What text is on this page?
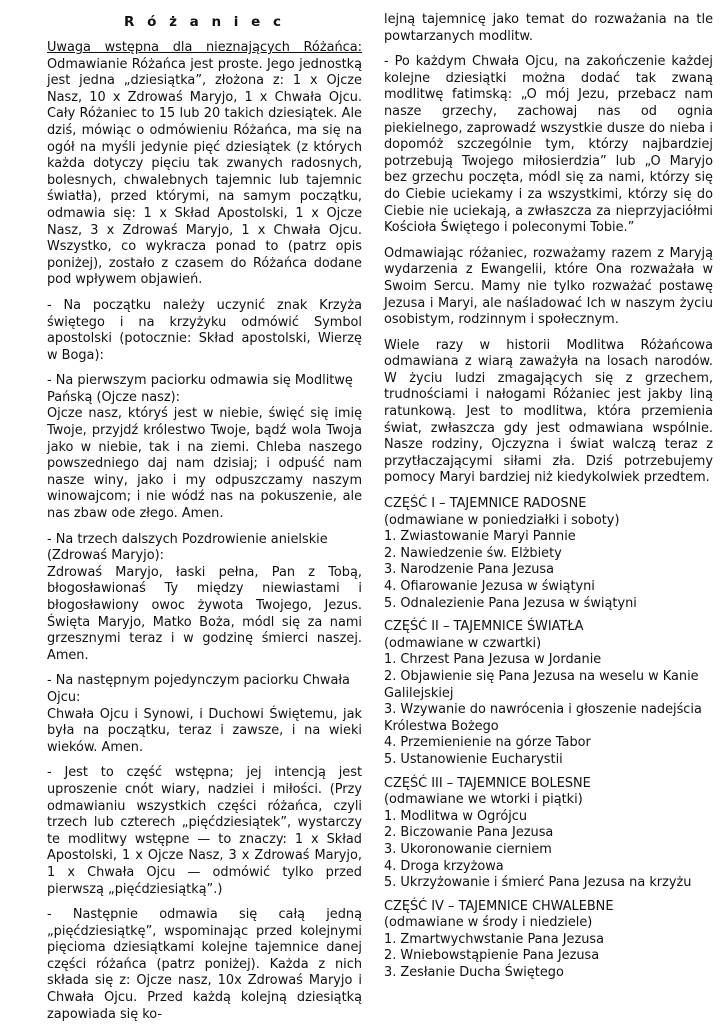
R ó ż a n i e c

Uwaga wstępna dla nieznających Różańca: Odmawianie Różańca jest proste. Jego jednostką jest jedna „dziesiątka”, złożona z: 1 x Ojcze Nasz, 10 x Zdrowaś Maryjo, 1 x Chwała Ojcu. Cały Różaniec to 15 lub 20 takich dziesiątek. Ale dziś, mówiąc o odmówieniu Różańca, ma się na ogół na myśli jedynie pięć dziesiątek (z których każda dotyczy pięciu tak zwanych radosnych, bolesnych, chwalebnych tajemnic lub tajemnic światła), przed którymi, na samym początku, odmawia się: 1 x Skład Apostolski, 1 x Ojcze Nasz, 3 x Zdrowaś Maryjo, 1 x Chwała Ojcu. Wszystko, co wykracza ponad to (patrz opis poniżej), zostało z czasem do Różańca dodane pod wpływem objawień.

- Na początku należy uczynić znak Krzyża świętego i na krzyżyku odmówić Symbol apostolski (potocznie: Skład apostolski, Wierzę w Boga):

- Na pierwszym paciorku odmawia się Modlitwę Pańską (Ojcze nasz):
Ojcze nasz, któryś jest w niebie, święć się imię Twoje, przyjdź królestwo Twoje, bądź wola Twoja jako w niebie, tak i na ziemi. Chleba naszego powszedniego daj nam dzisiaj; i odpuść nam nasze winy, jako i my odpuszczamy naszym winowajcom; i nie wódź nas na pokuszenie, ale nas zbaw ode złego. Amen.

- Na trzech dalszych Pozdrowienie anielskie (Zdrowaś Maryjo):
Zdrowaś Maryjo, łaski pełna, Pan z Tobą, błogosławionaś Ty między niewiastami i błogosławiony owoc żywota Twojego, Jezus. Święta Maryjo, Matko Boża, módl się za nami grzesznymi teraz i w godzinę śmierci naszej. Amen.

- Na następnym pojedynczym paciorku Chwała Ojcu:
Chwała Ojcu i Synowi, i Duchowi Świętemu, jak była na początku, teraz i zawsze, i na wieki wieków. Amen.

- Jest to część wstępna; jej intencją jest uproszenie cnót wiary, nadziei i miłości. (Przy odmawianiu wszystkich części różańca, czyli trzech lub czterech „pięćdziesiątek”, wystarczy te modlitwy wstępne — to znaczy: 1 x Skład Apostolski, 1 x Ojcze Nasz, 3 x Zdrowaś Maryjo, 1 x Chwała Ojcu — odmówić tylko przed pierwszą „pięćdziesiątką”.)

- Następnie odmawia się całą jedną „pięćdziesiątkę”, wspominając przed kolejnymi pięcioma dziesiątkami kolejne tajemnice danej części różańca (patrz poniżej). Każda z nich składa się z: Ojcze nasz, 10x Zdrowaś Maryjo i Chwała Ojcu. Przed każdą kolejną dziesiątką zapowiada się ko-

lejną tajemnicę jako temat do rozważania na tle powtarzanych modlitw.

- Po każdym Chwała Ojcu, na zakończenie każdej kolejne dziesiątki można dodać tak zwaną modlitwę fatimską: „O mój Jezu, przebacz nam nasze grzechy, zachowaj nas od ognia piekielnego, zaprowadź wszystkie dusze do nieba i dopomóż szczególnie tym, którzy najbardziej potrzebują Twojego miłosierdzia” lub „O Maryjo bez grzechu poczęta, módl się za nami, którzy się do Ciebie uciekamy i za wszystkimi, którzy się do Ciebie nie uciekają, a zwłaszcza za nieprzyjaciółmi Kościoła Świętego i poleconymi Tobie.”

Odmawiając różaniec, rozważamy razem z Maryją wydarzenia z Ewangelii, które Ona rozważała w Swoim Sercu. Mamy nie tylko rozważać postawę Jezusa i Maryi, ale naśladować Ich w naszym życiu osobistym, rodzinnym i społecznym.

Wiele razy w historii Modlitwa Różańcowa odmawiana z wiarą zaważyła na losach narodów. W życiu ludzi zmagających się z grzechem, trudnościami i nałogami Różaniec jest jakby liną ratunkową. Jest to modlitwa, która przemienia świat, zwłaszcza gdy jest odmawiana wspólnie. Nasze rodziny, Ojczyzna i świat walczą teraz z przytłaczającymi siłami zła. Dziś potrzebujemy pomocy Maryi bardziej niż kiedykolwiek przedtem.

CZĘŚĆ I – TAJEMNICE RADOSNE
(odmawiane w poniedziałki i soboty)
1. Zwiastowanie Maryi Pannie
2. Nawiedzenie św. Elżbiety
3. Narodzenie Pana Jezusa
4. Ofiarowanie Jezusa w świątyni
5. Odnalezienie Pana Jezusa w świątyni
CZĘŚĆ II – TAJEMNICE ŚWIATŁA
(odmawiane w czwartki)
1. Chrzest Pana Jezusa w Jordanie
2. Objawienie się Pana Jezusa na weselu w Kanie Galilejskiej
3. Wzywanie do nawrócenia i głoszenie nadejścia Królestwa Bożego
4. Przemienienie na górze Tabor
5. Ustanowienie Eucharystii
CZĘŚĆ III – TAJEMNICE BOLESNE
(odmawiane we wtorki i piątki)
1. Modlitwa w Ogrójcu
2. Biczowanie Pana Jezusa
3. Ukoronowanie cierniem
4. Droga krzyżowa
5. Ukrzyżowanie i śmierć Pana Jezusa na krzyżu
CZĘŚĆ IV – TAJEMNICE CHWALEBNE
(odmawiane w środy i niedziele)
1. Zmartwychwstanie Pana Jezusa
2. Wniebowstąpienie Pana Jezusa
3. Zesłanie Ducha Świętego
